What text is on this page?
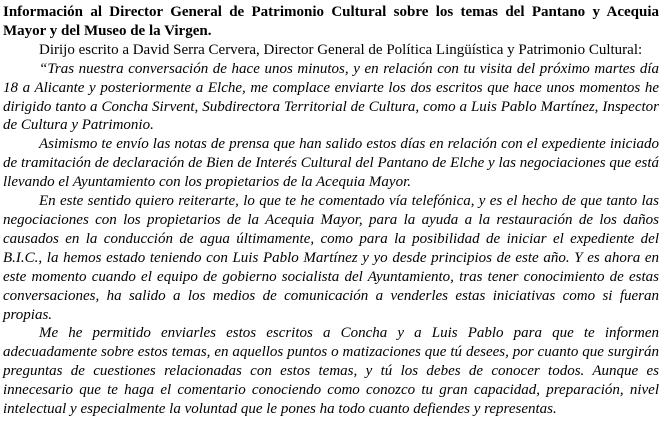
Información al Director General de Patrimonio Cultural sobre los temas del Pantano y Acequia Mayor y del Museo de la Virgen.

Dirijo escrito a David Serra Cervera, Director General de Política Lingüística y Patrimonio Cultural:

“Tras nuestra conversación de hace unos minutos, y en relación con tu visita del próximo martes día 18 a Alicante y posteriormente a Elche, me complace enviarte los dos escritos que hace unos momentos he dirigido tanto a Concha Sirvent, Subdirectora Territorial de Cultura, como a Luis Pablo Martínez, Inspector de Cultura y Patrimonio.

Asimismo te envío las notas de prensa que han salido estos días en relación con el expediente iniciado de tramitación de declaración de Bien de Interés Cultural del Pantano de Elche y las negociaciones que está llevando el Ayuntamiento con los propietarios de la Acequia Mayor.

En este sentido quiero reiterarte, lo que te he comentado vía telefónica, y es el hecho de que tanto las negociaciones con los propietarios de la Acequia Mayor, para la ayuda a la restauración de los daños causados en la conducción de agua últimamente, como para la posibilidad de iniciar el expediente del B.I.C., la hemos estado teniendo con Luis Pablo Martínez y yo desde principios de este año. Y es ahora en este momento cuando el equipo de gobierno socialista del Ayuntamiento, tras tener conocimiento de estas conversaciones, ha salido a los medios de comunicación a venderles estas iniciativas como si fueran propias.

Me he permitido enviarles estos escritos a Concha y a Luis Pablo para que te informen adecuadamente sobre estos temas, en aquellos puntos o matizaciones que tú desees, por cuanto que surgirán preguntas de cuestiones relacionadas con estos temas, y tú los debes de conocer todos. Aunque es innecesario que te haga el comentario conociendo como conozco tu gran capacidad, preparación, nivel intelectual y especialmente la voluntad que le pones ha todo cuanto defiendes y representas.
